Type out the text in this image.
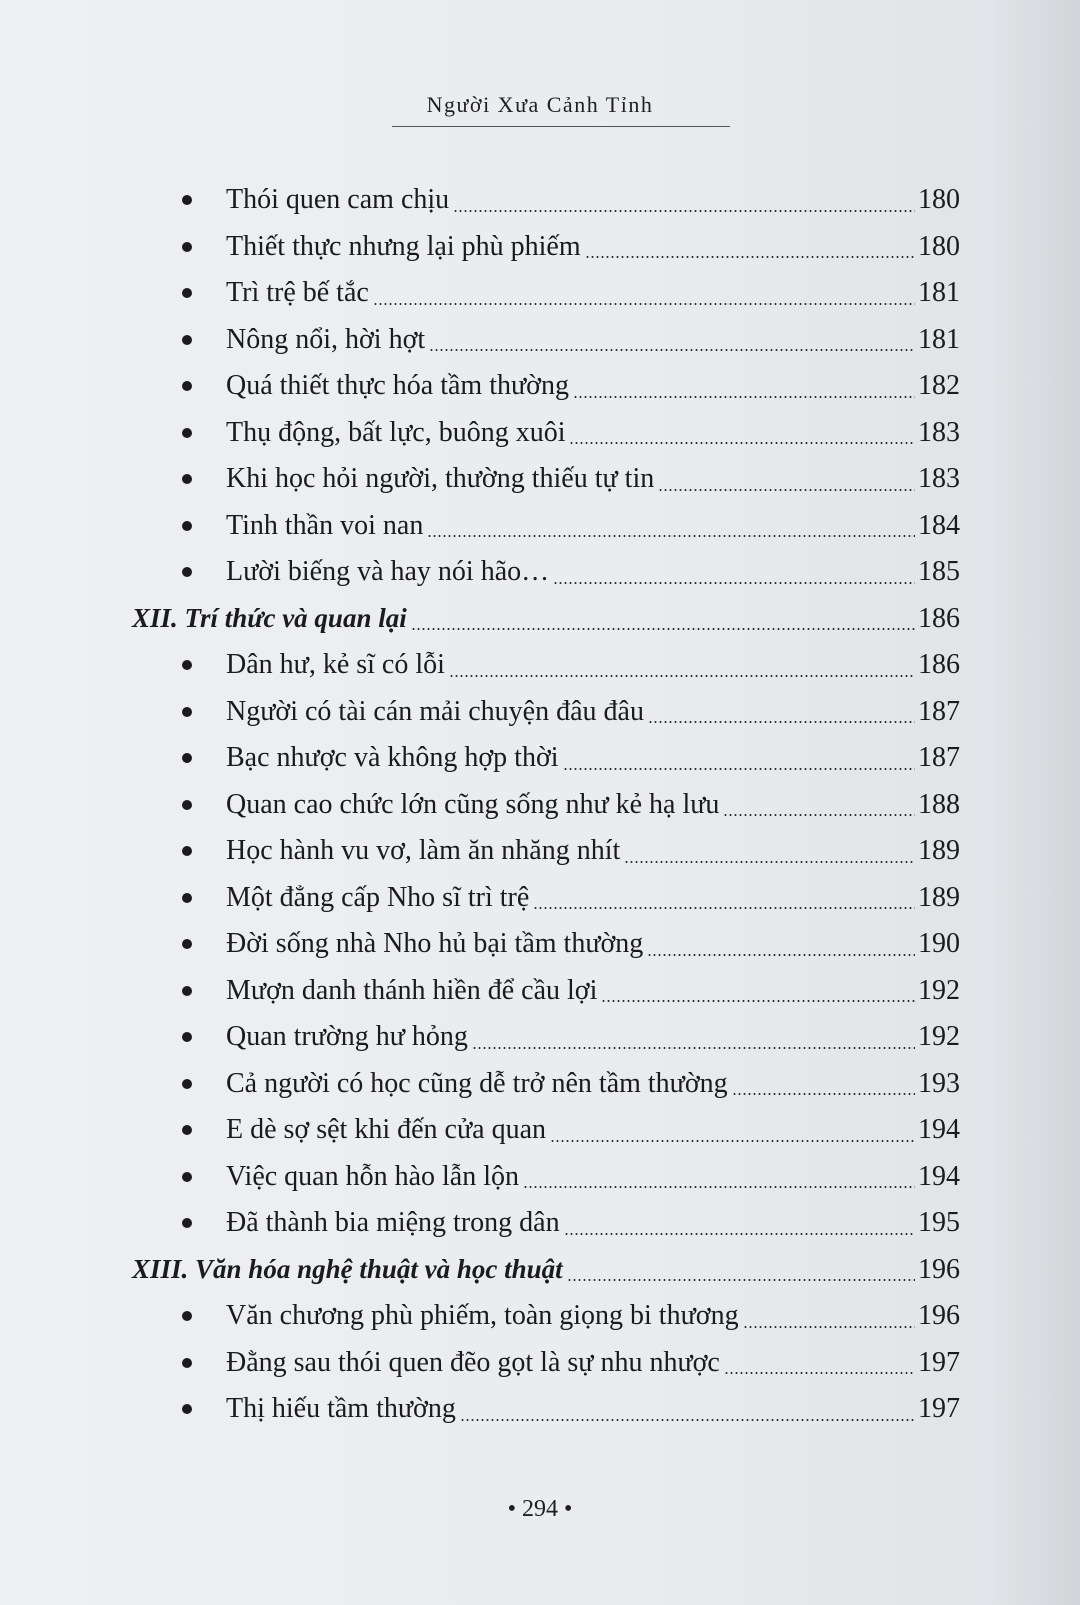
Người Xưa Cảnh Tỉnh
Thói quen cam chịu	180
Thiết thực nhưng lại phù phiếm	180
Trì trệ bế tắc	181
Nông nổi, hời hợt	181
Quá thiết thực hóa tầm thường	182
Thụ động, bất lực, buông xuôi	183
Khi học hỏi người, thường thiếu tự tin	183
Tinh thần voi nan	184
Lười biếng và hay nói hão…	185
XII. Trí thức và quan lại	186
Dân hư, kẻ sĩ có lỗi	186
Người có tài cán mải chuyện đâu đâu	187
Bạc nhược và không hợp thời	187
Quan cao chức lớn cũng sống như kẻ hạ lưu	188
Học hành vu vơ, làm ăn nhăng nhít	189
Một đẳng cấp Nho sĩ trì trệ	189
Đời sống nhà Nho hủ bại tầm thường	190
Mượn danh thánh hiền để cầu lợi	192
Quan trường hư hỏng	192
Cả người có học cũng dễ trở nên tầm thường	193
E dè sợ sệt khi đến cửa quan	194
Việc quan hỗn hào lẫn lộn	194
Đã thành bia miệng trong dân	195
XIII. Văn hóa nghệ thuật và học thuật	196
Văn chương phù phiếm, toàn giọng bi thương	196
Đằng sau thói quen đẽo gọt là sự nhu nhược	197
Thị hiếu tầm thường	197
• 294 •
